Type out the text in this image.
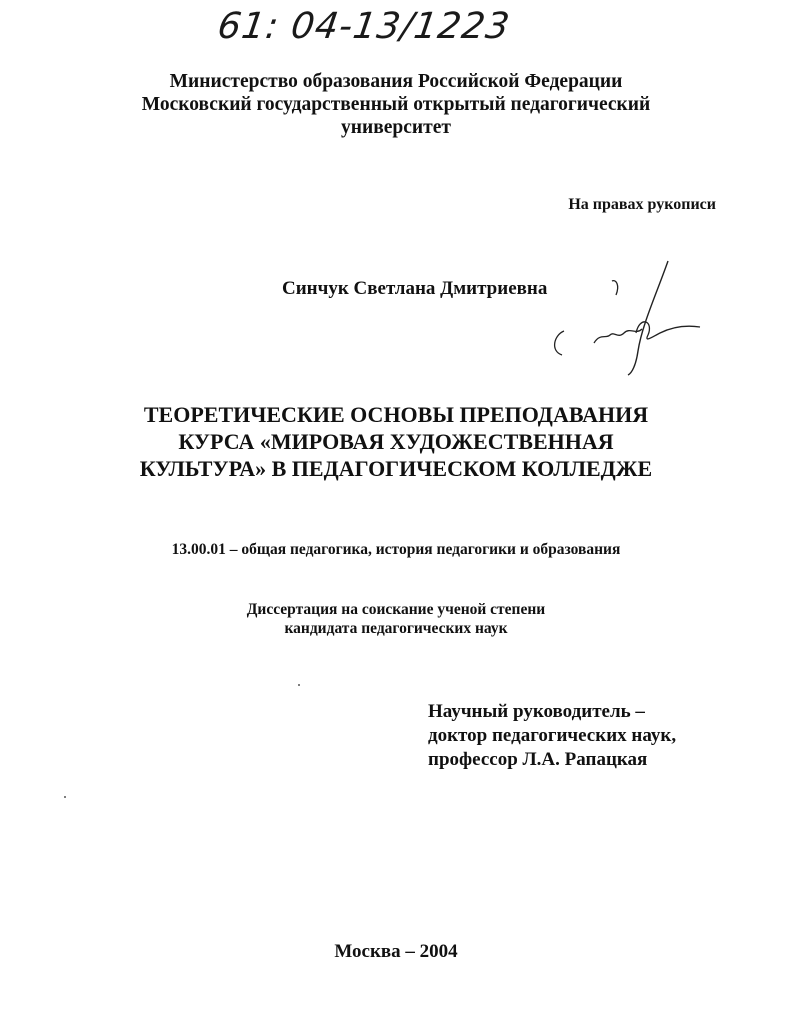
61: 04-13/1223
Министерство образования Российской Федерации
Московский государственный открытый педагогический
университет
На правах рукописи
Синчук Светлана Дмитриевна
ТЕОРЕТИЧЕСКИЕ ОСНОВЫ ПРЕПОДАВАНИЯ
КУРСА «МИРОВАЯ ХУДОЖЕСТВЕННАЯ
КУЛЬТУРА» В ПЕДАГОГИЧЕСКОМ КОЛЛЕДЖЕ
13.00.01 – общая педагогика, история педагогики и образования
Диссертация на соискание ученой степени
кандидата педагогических наук
Научный руководитель –
доктор педагогических наук,
профессор Л.А. Рапацкая
Москва – 2004
